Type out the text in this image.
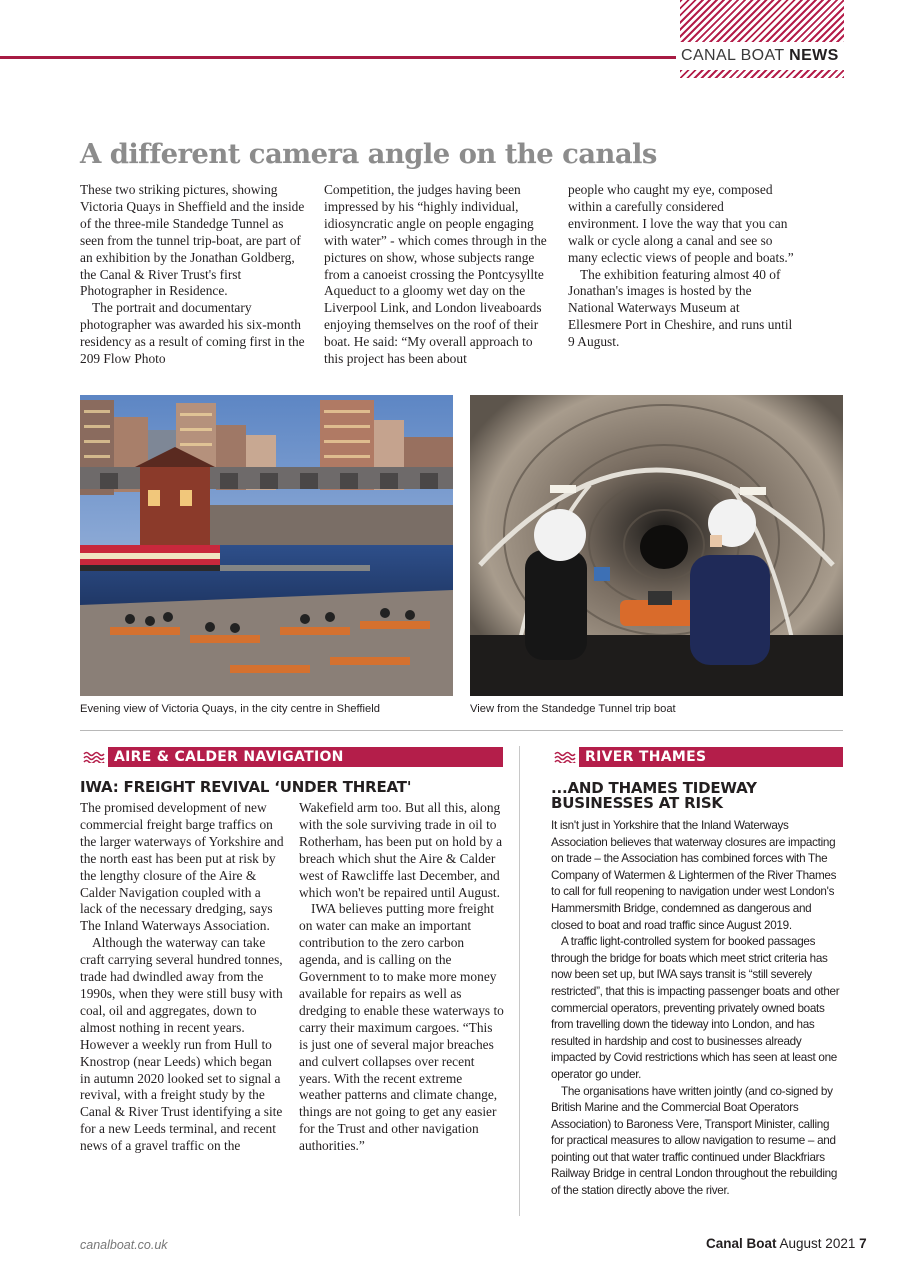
CANAL BOAT NEWS
A different camera angle on the canals

These two striking pictures, showing Victoria Quays in Sheffield and the inside of the three-mile Standedge Tunnel as seen from the tunnel trip-boat, are part of an exhibition by the Jonathan Goldberg, the Canal & River Trust's first Photographer in Residence.

The portrait and documentary photographer was awarded his six-month residency as a result of coming first in the 209 Flow Photo

Competition, the judges having been impressed by his “highly individual, idiosyncratic angle on people engaging with water” - which comes through in the pictures on show, whose subjects range from a canoeist crossing the Pontcysyllte Aqueduct to a gloomy wet day on the Liverpool Link, and London liveaboards enjoying themselves on the roof of their boat. He said: “My overall approach to this project has been about

people who caught my eye, composed within a carefully considered environment. I love the way that you can walk or cycle along a canal and see so many eclectic views of people and boats.”

The exhibition featuring almost 40 of Jonathan's images is hosted by the National Waterways Museum at Ellesmere Port in Cheshire, and runs until 9 August.

Evening view of Victoria Quays, in the city centre in Sheffield	View from the Standedge Tunnel trip boat
AIRE & CALDER NAVIGATION
IWA: FREIGHT REVIVAL ‘UNDER THREAT'

The promised development of new commercial freight barge traffics on the larger waterways of Yorkshire and the north east has been put at risk by the lengthy closure of the Aire & Calder Navigation coupled with a lack of the necessary dredging, says The Inland Waterways Association.

Although the waterway can take craft carrying several hundred tonnes, trade had dwindled away from the 1990s, when they were still busy with coal, oil and aggregates, down to almost nothing in recent years. However a weekly run from Hull to Knostrop (near Leeds) which began in autumn 2020 looked set to signal a revival, with a freight study by the Canal & River Trust identifying a site for a new Leeds terminal, and recent news of a gravel traffic on the

Wakefield arm too. But all this, along with the sole surviving trade in oil to Rotherham, has been put on hold by a breach which shut the Aire & Calder west of Rawcliffe last December, and which won't be repaired until August.

IWA believes putting more freight on water can make an important contribution to the zero carbon agenda, and is calling on the Government to to make more money available for repairs as well as dredging to enable these waterways to carry their maximum cargoes. “This is just one of several major breaches and culvert collapses over recent years. With the recent extreme weather patterns and climate change, things are not going to get any easier for the Trust and other navigation authorities.”

RIVER THAMES
...AND THAMES TIDEWAY BUSINESSES AT RISK

It isn't just in Yorkshire that the Inland Waterways Association believes that waterway closures are impacting on trade – the Association has combined forces with The Company of Watermen & Lightermen of the River Thames to call for full reopening to navigation under west London's Hammersmith Bridge, condemned as dangerous and closed to boat and road traffic since August 2019.

A traffic light-controlled system for booked passages through the bridge for boats which meet strict criteria has now been set up, but IWA says transit is “still severely restricted”, that this is impacting passenger boats and other commercial operators, preventing privately owned boats from travelling down the tideway into London, and has resulted in hardship and cost to businesses already impacted by Covid restrictions which has seen at least one operator go under.

The organisations have written jointly (and co-signed by British Marine and the Commercial Boat Operators Association) to Baroness Vere, Transport Minister, calling for practical measures to allow navigation to resume – and pointing out that water traffic continued under Blackfriars Railway Bridge in central London throughout the rebuilding of the station directly above the river.

canalboat.co.uk	Canal Boat August 2021 7
